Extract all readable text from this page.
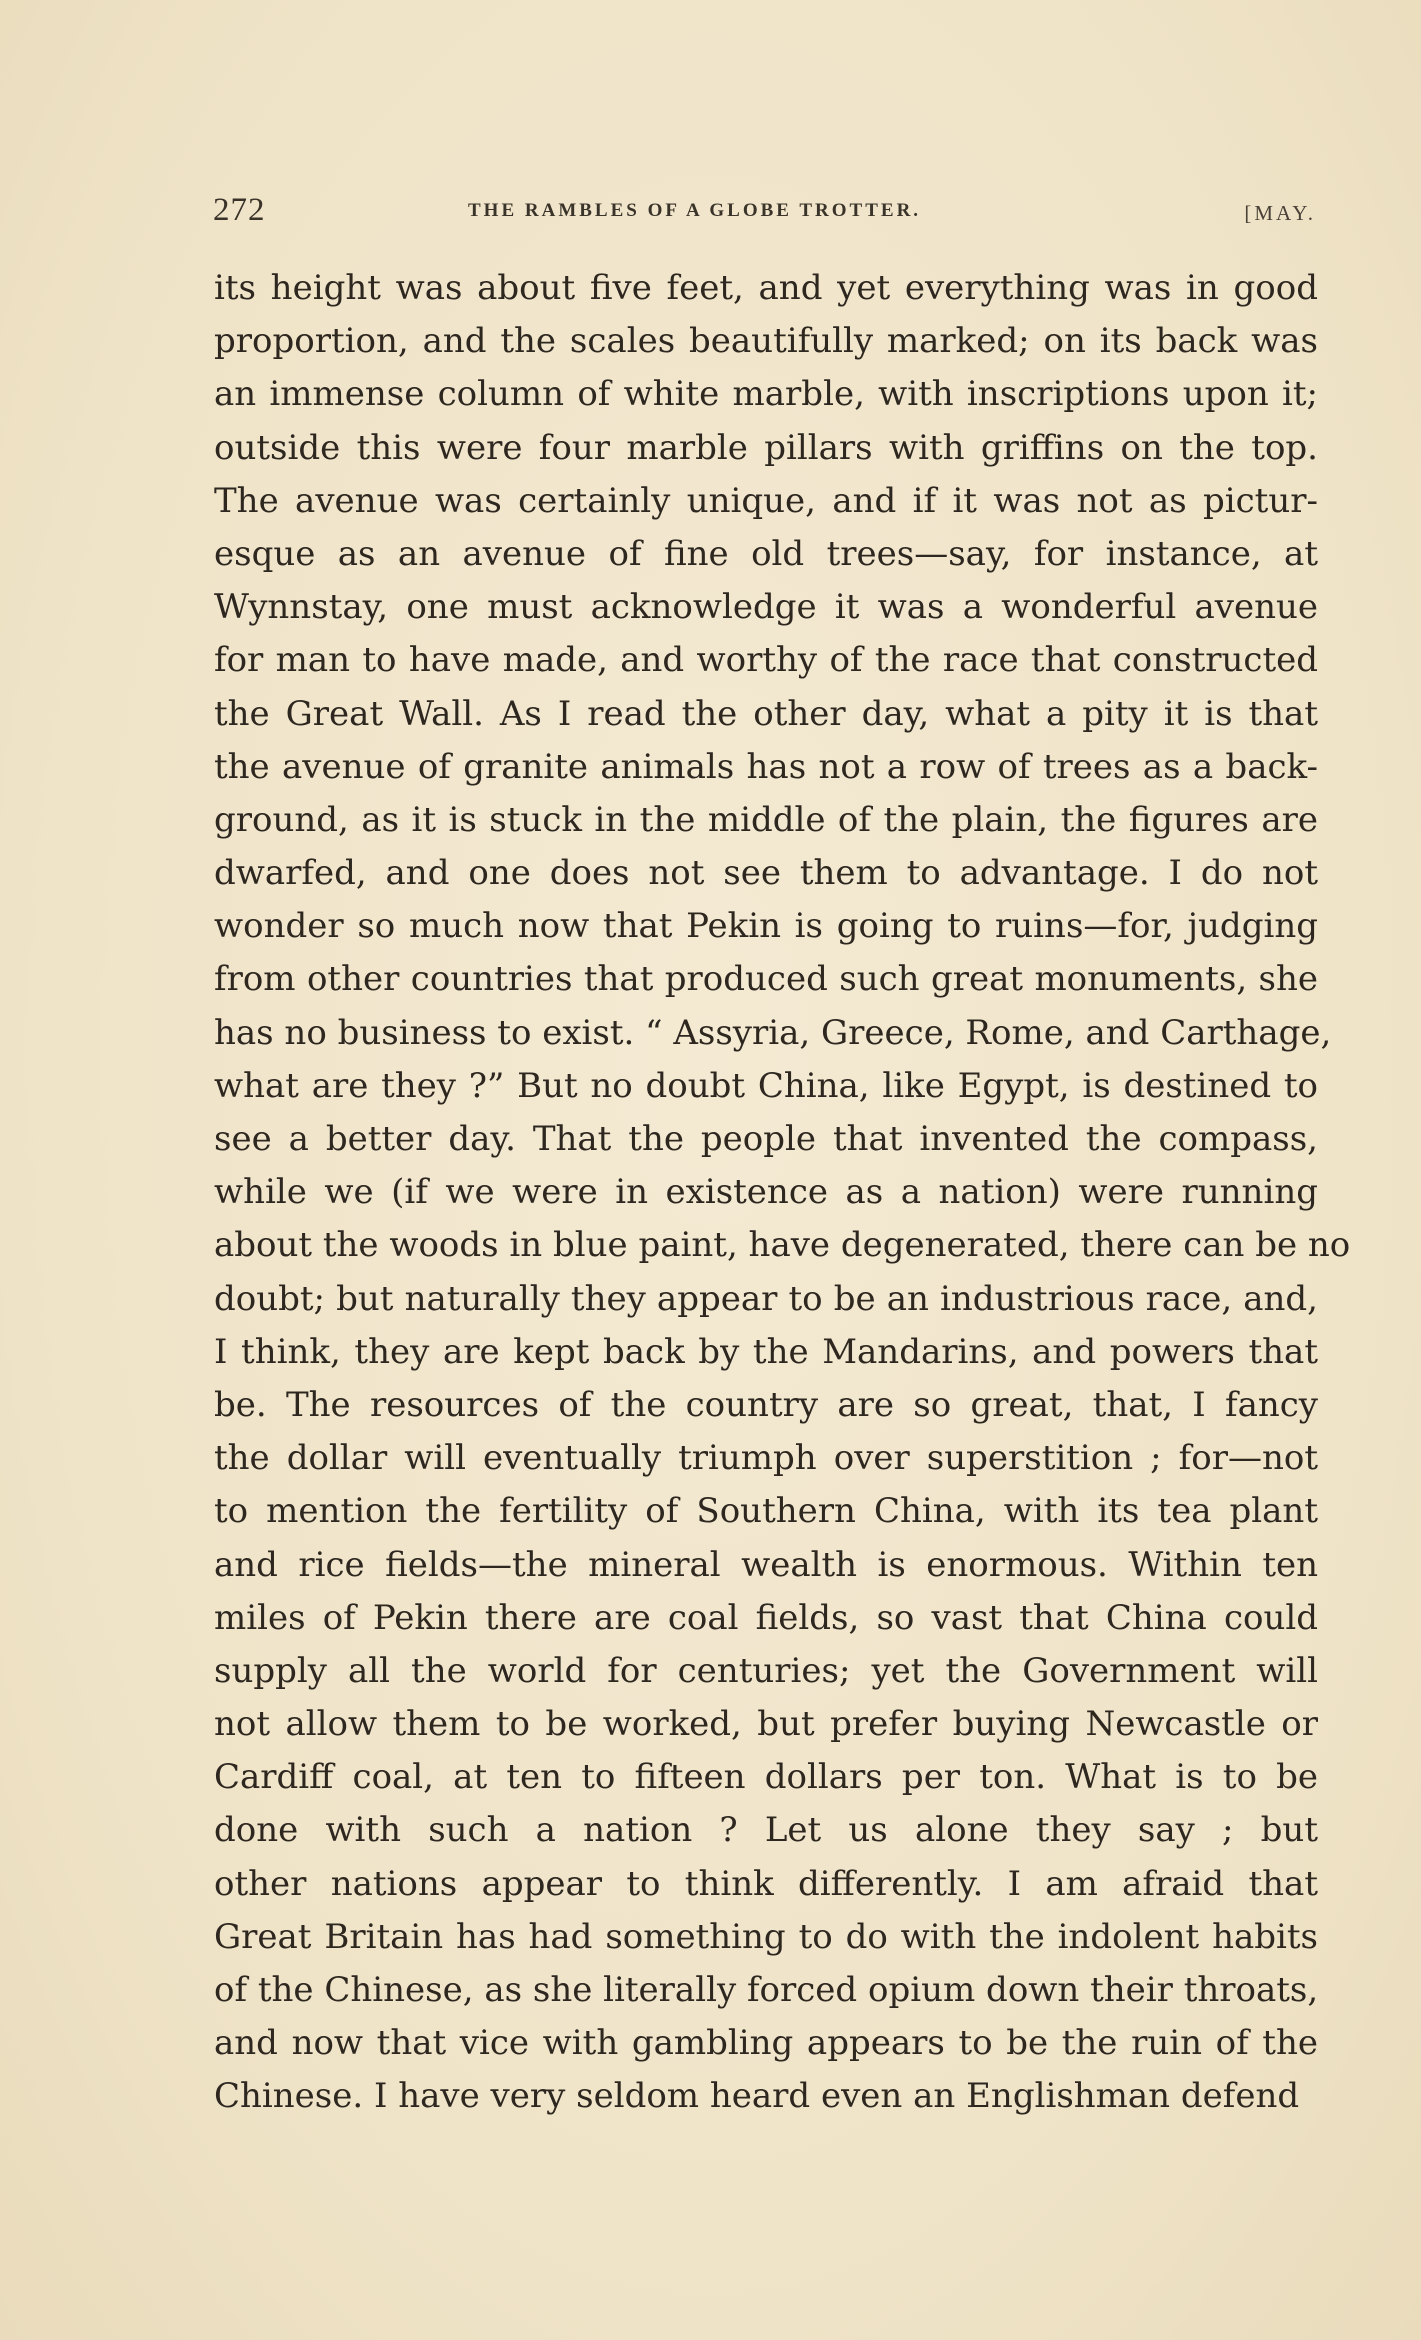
272	THE RAMBLES OF A GLOBE TROTTER.	[MAY.
its height was about five feet, and yet everything was in good
proportion, and the scales beautifully marked; on its back was
an immense column of white marble, with inscriptions upon it;
outside this were four marble pillars with griffins on the top.
The avenue was certainly unique, and if it was not as pictur-
esque as an avenue of fine old trees—say, for instance, at
Wynnstay, one must acknowledge it was a wonderful avenue
for man to have made, and worthy of the race that constructed
the Great Wall. As I read the other day, what a pity it is that
the avenue of granite animals has not a row of trees as a back-
ground, as it is stuck in the middle of the plain, the figures are
dwarfed, and one does not see them to advantage. I do not
wonder so much now that Pekin is going to ruins—for, judging
from other countries that produced such great monuments, she
has no business to exist. “ Assyria, Greece, Rome, and Carthage,
what are they ?” But no doubt China, like Egypt, is destined to
see a better day. That the people that invented the compass,
while we (if we were in existence as a nation) were running
about the woods in blue paint, have degenerated, there can be no
doubt; but naturally they appear to be an industrious race, and,
I think, they are kept back by the Mandarins, and powers that
be. The resources of the country are so great, that, I fancy
the dollar will eventually triumph over superstition ; for—not
to mention the fertility of Southern China, with its tea plant
and rice fields—the mineral wealth is enormous. Within ten
miles of Pekin there are coal fields, so vast that China could
supply all the world for centuries; yet the Government will
not allow them to be worked, but prefer buying Newcastle or
Cardiff coal, at ten to fifteen dollars per ton. What is to be
done with such a nation ? Let us alone they say ; but
other nations appear to think differently. I am afraid that
Great Britain has had something to do with the indolent habits
of the Chinese, as she literally forced opium down their throats,
and now that vice with gambling appears to be the ruin of the
Chinese. I have very seldom heard even an Englishman defend
